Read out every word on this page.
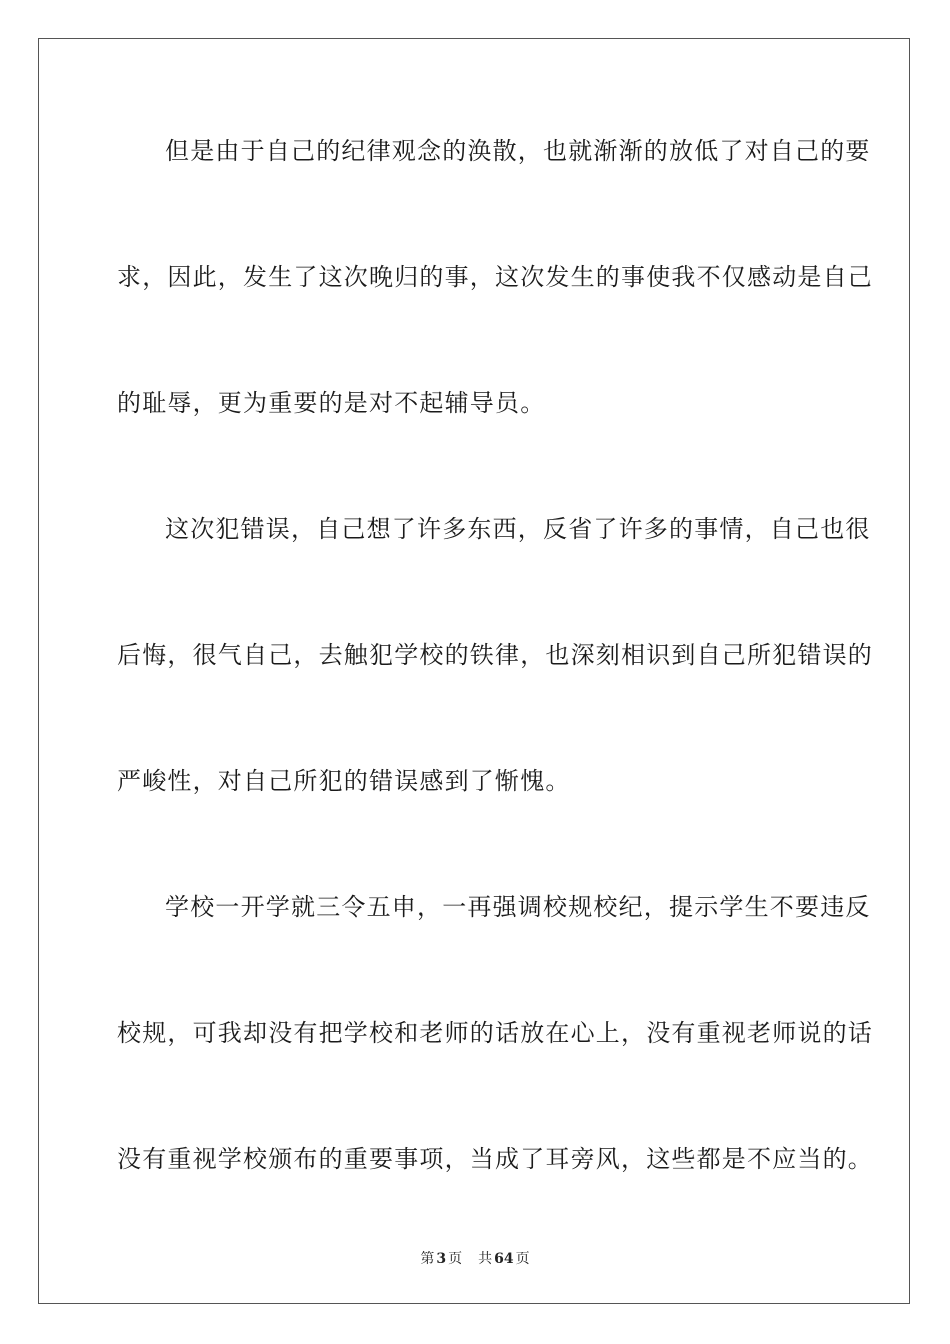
但是由于自己的纪律观念的涣散，也就渐渐的放低了对自己的要
求，因此，发生了这次晚归的事，这次发生的事使我不仅感动是自己
的耻辱，更为重要的是对不起辅导员。
这次犯错误，自己想了许多东西，反省了许多的事情，自己也很
后悔，很气自己，去触犯学校的铁律，也深刻相识到自己所犯错误的
严峻性，对自己所犯的错误感到了惭愧。
学校一开学就三令五申，一再强调校规校纪，提示学生不要违反
校规，可我却没有把学校和老师的话放在心上，没有重视老师说的话
没有重视学校颁布的重要事项，当成了耳旁风，这些都是不应当的。
第 3 页 共 64 页
